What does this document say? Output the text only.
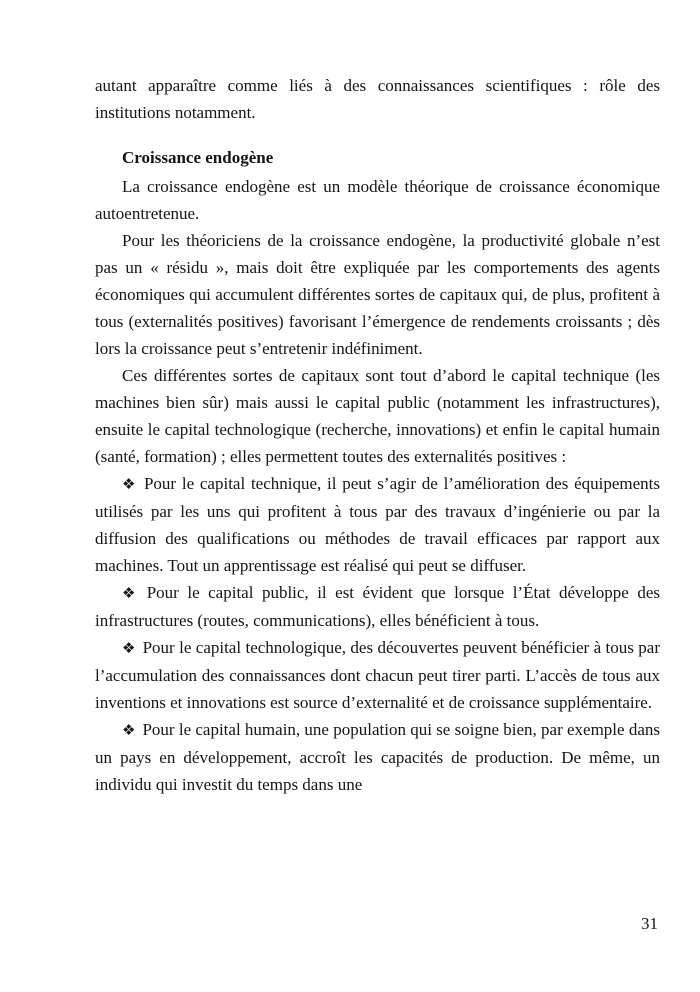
autant apparaître comme liés à des connaissances scientifiques : rôle des institutions notamment.

Croissance endogène

La croissance endogène est un modèle théorique de croissance économique autoentretenue.

Pour les théoriciens de la croissance endogène, la productivité globale n’est pas un « résidu », mais doit être expliquée par les comportements des agents économiques qui accumulent différentes sortes de capitaux qui, de plus, profitent à tous (externalités positives) favorisant l’émergence de rendements croissants ; dès lors la croissance peut s’entretenir indéfiniment.

Ces différentes sortes de capitaux sont tout d’abord le capital technique (les machines bien sûr) mais aussi le capital public (notamment les infrastructures), ensuite le capital technologique (recherche, innovations) et enfin le capital humain (santé, formation) ; elles permettent toutes des externalités positives :

❖ Pour le capital technique, il peut s’agir de l’amélioration des équipements utilisés par les uns qui profitent à tous par des travaux d’ingénierie ou par la diffusion des qualifications ou méthodes de travail efficaces par rapport aux machines. Tout un apprentissage est réalisé qui peut se diffuser.

❖ Pour le capital public, il est évident que lorsque l’État développe des infrastructures (routes, communications), elles bénéficient à tous.

❖ Pour le capital technologique, des découvertes peuvent bénéficier à tous par l’accumulation des connaissances dont chacun peut tirer parti. L’accès de tous aux inventions et innovations est source d’externalité et de croissance supplémentaire.

❖ Pour le capital humain, une population qui se soigne bien, par exemple dans un pays en développement, accroît les capacités de production. De même, un individu qui investit du temps dans une

31
